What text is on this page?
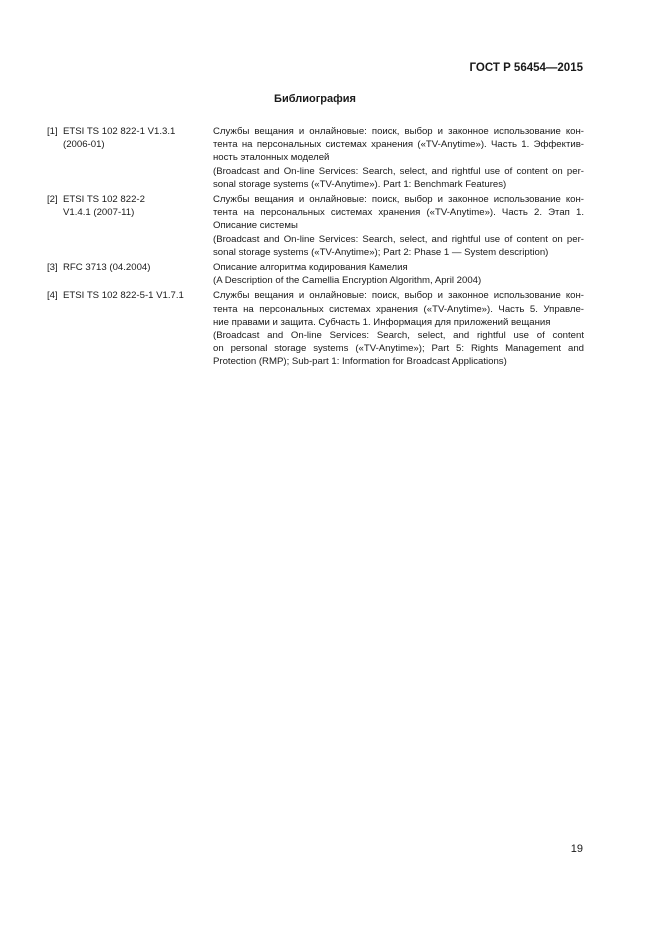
ГОСТ Р 56454—2015
Библиография
[1] ETSI TS 102 822-1 V1.3.1
(2006-01)
Службы вещания и онлайновые: поиск, выбор и законное использование кон-
тента на персональных системах хранения («TV-Anytime»). Часть 1. Эффектив-
ность эталонных моделей
(Broadcast and On-line Services: Search, select, and rightful use of content on per-
sonal storage systems («TV-Anytime»). Part 1: Benchmark Features)
[2] ETSI TS 102 822-2
V1.4.1 (2007-11)
Службы вещания и онлайновые: поиск, выбор и законное использование кон-
тента на персональных системах хранения («TV-Anytime»). Часть 2. Этап 1.
Описание системы
(Broadcast and On-line Services: Search, select, and rightful use of content on per-
sonal storage systems («TV-Anytime»); Part 2: Phase 1 — System description)
[3] RFC 3713 (04.2004)	Описание алгоритма кодирования Камелия
(A Description of the Camellia Encryption Algorithm, April 2004)
[4] ETSI TS 102 822-5-1 V1.7.1	Службы вещания и онлайновые: поиск, выбор и законное использование кон-
тента на персональных системах хранения («TV-Anytime»). Часть 5. Управле-
ние правами и защита. Субчасть 1. Информация для приложений вещания
(Broadcast and On-line Services: Search, select, and rightful use of content
on personal storage systems («TV-Anytime»); Part 5: Rights Management and
Protection (RMP); Sub-part 1: Information for Broadcast Applications)
19
